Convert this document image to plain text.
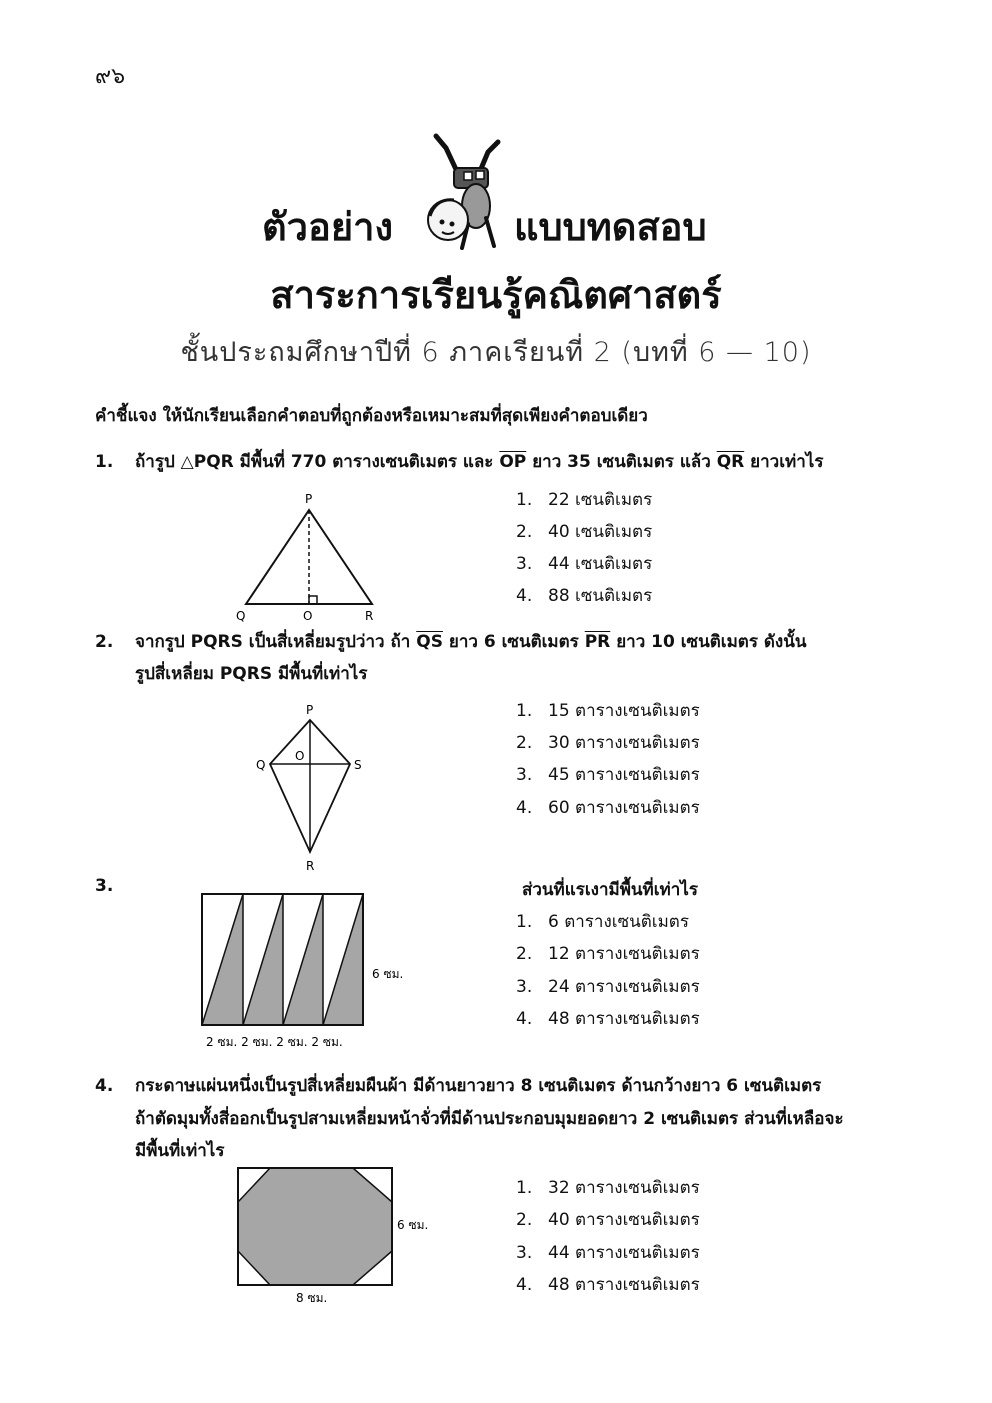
๙๖
ตัวอย่าง	แบบทดสอบ
สาระการเรียนรู้คณิตศาสตร์
ชั้นประถมศึกษาปีที่ 6 ภาคเรียนที่ 2 (บทที่ 6 — 10)
คำชี้แจง ให้นักเรียนเลือกคำตอบที่ถูกต้องหรือเหมาะสมที่สุดเพียงคำตอบเดียว
1. ถ้ารูป △PQR มีพื้นที่ 770 ตารางเซนติเมตร และ $\overline{OP}$ ยาว 35 เซนติเมตร แล้ว $\overline{QR}$ ยาวเท่าไร
P
Q	O	R
1. 22 เซนติเมตร
2. 40 เซนติเมตร
3. 44 เซนติเมตร
4. 88 เซนติเมตร
2. จากรูป PQRS เป็นสี่เหลี่ยมรูปว่าว ถ้า $\overline{QS}$ ยาว 6 เซนติเมตร $\overline{PR}$ ยาว 10 เซนติเมตร ดังนั้น
รูปสี่เหลี่ยม PQRS มีพื้นที่เท่าไร
P
Q
O
S
R
1. 15 ตารางเซนติเมตร
2. 30 ตารางเซนติเมตร
3. 45 ตารางเซนติเมตร
4. 60 ตารางเซนติเมตร
3.
6 ซม.
2 ซม. 2 ซม. 2 ซม. 2 ซม.
ส่วนที่แรเงามีพื้นที่เท่าไร
1. 6 ตารางเซนติเมตร
2. 12 ตารางเซนติเมตร
3. 24 ตารางเซนติเมตร
4. 48 ตารางเซนติเมตร
4. กระดาษแผ่นหนึ่งเป็นรูปสี่เหลี่ยมผืนผ้า มีด้านยาวยาว 8 เซนติเมตร ด้านกว้างยาว 6 เซนติเมตร
ถ้าตัดมุมทั้งสี่ออกเป็นรูปสามเหลี่ยมหน้าจั่วที่มีด้านประกอบมุมยอดยาว 2 เซนติเมตร ส่วนที่เหลือจะ
มีพื้นที่เท่าไร
6 ซม.
8 ซม.
1. 32 ตารางเซนติเมตร
2. 40 ตารางเซนติเมตร
3. 44 ตารางเซนติเมตร
4. 48 ตารางเซนติเมตร
